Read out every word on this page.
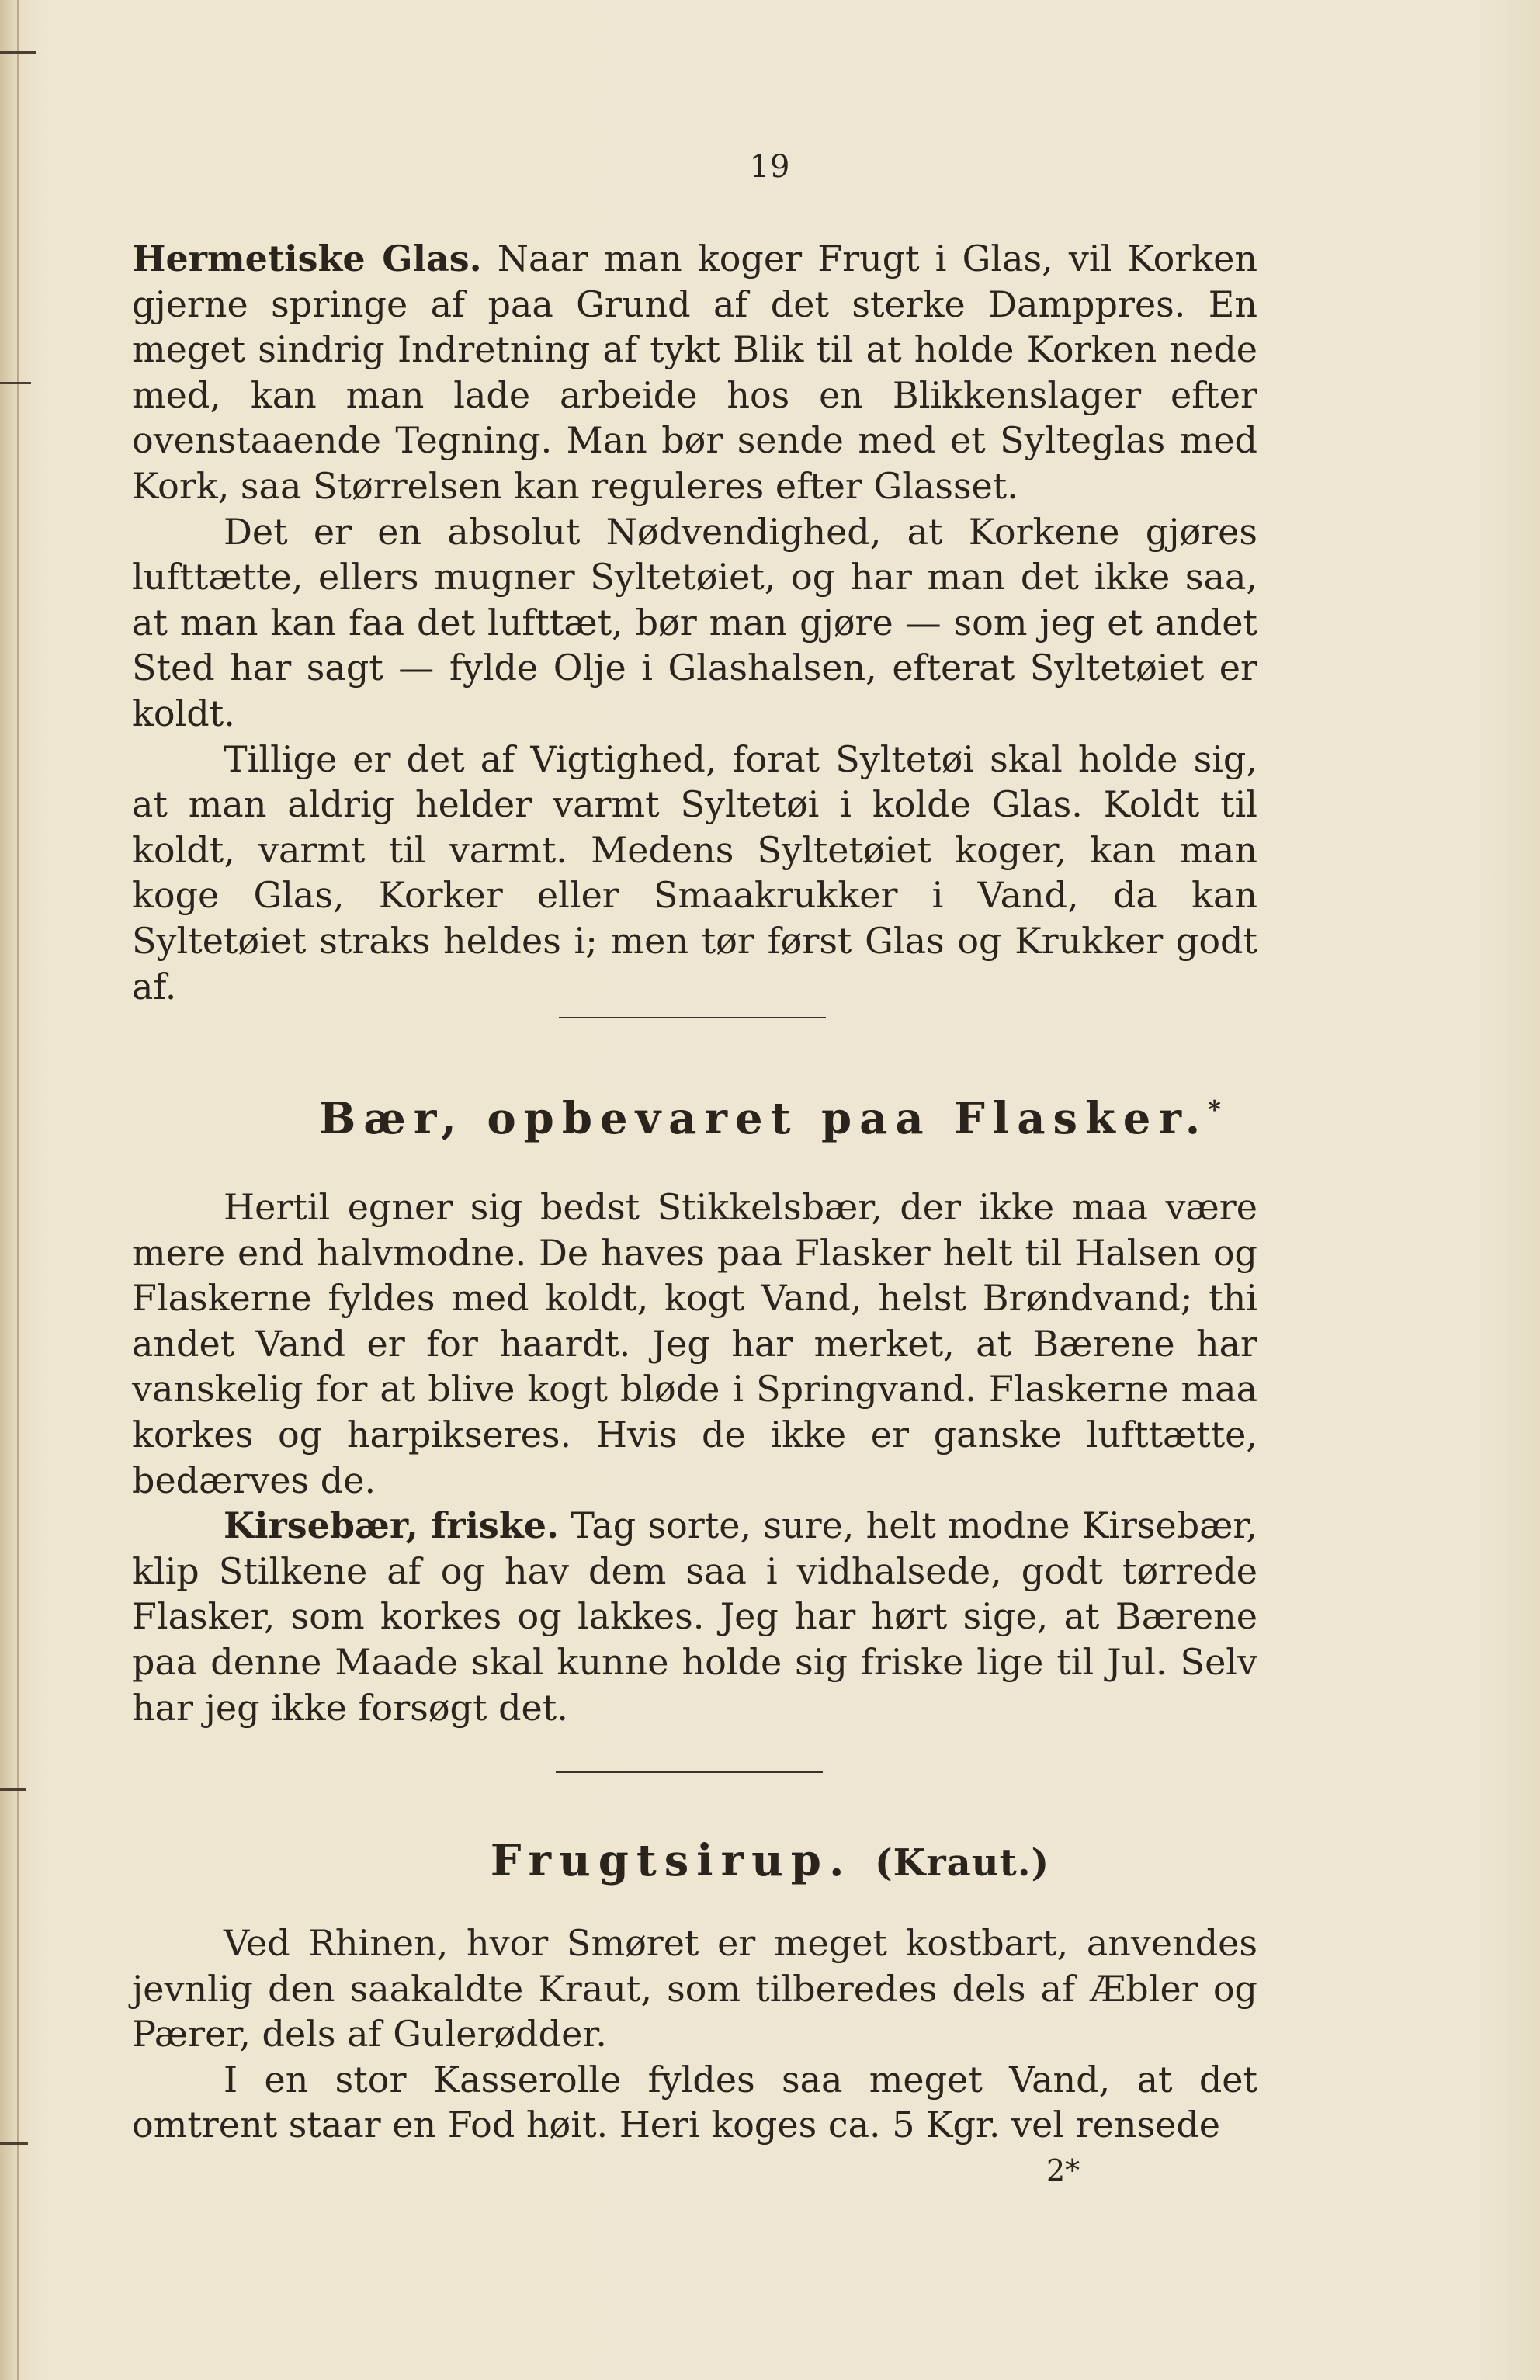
19

Hermetiske Glas. Naar man koger Frugt i Glas, vil Korken gjerne springe af paa Grund af det sterke Damppres. En meget sindrig Indretning af tykt Blik til at holde Korken nede med, kan man lade arbeide hos en Blikkenslager efter ovenstaaende Tegning. Man bør sende med et Sylteglas med Kork, saa Størrelsen kan reguleres efter Glasset.

Det er en absolut Nødvendighed, at Korkene gjøres lufttætte, ellers mugner Syltetøiet, og har man det ikke saa, at man kan faa det lufttæt, bør man gjøre — som jeg et andet Sted har sagt — fylde Olje i Glashalsen, efterat Syltetøiet er koldt.

Tillige er det af Vigtighed, forat Syltetøi skal holde sig, at man aldrig helder varmt Syltetøi i kolde Glas. Koldt til koldt, varmt til varmt. Medens Syltetøiet koger, kan man koge Glas, Korker eller Smaakrukker i Vand, da kan Syltetøiet straks heldes i; men tør først Glas og Krukker godt af.

Bær, opbevaret paa Flasker.*

Hertil egner sig bedst Stikkelsbær, der ikke maa være mere end halvmodne. De haves paa Flasker helt til Halsen og Flaskerne fyldes med koldt, kogt Vand, helst Brøndvand; thi andet Vand er for haardt. Jeg har merket, at Bærene har vanskelig for at blive kogt bløde i Springvand. Flaskerne maa korkes og harpikseres. Hvis de ikke er ganske lufttætte, bedærves de.

Kirsebær, friske. Tag sorte, sure, helt modne Kirsebær, klip Stilkene af og hav dem saa i vidhalsede, godt tørrede Flasker, som korkes og lakkes. Jeg har hørt sige, at Bærene paa denne Maade skal kunne holde sig friske lige til Jul. Selv har jeg ikke forsøgt det.

Frugtsirup. (Kraut.)

Ved Rhinen, hvor Smøret er meget kostbart, anvendes jevnlig den saakaldte Kraut, som tilberedes dels af Æbler og Pærer, dels af Gulerødder.

I en stor Kasserolle fyldes saa meget Vand, at det omtrent staar en Fod høit. Heri koges ca. 5 Kgr. vel rensede

2*
